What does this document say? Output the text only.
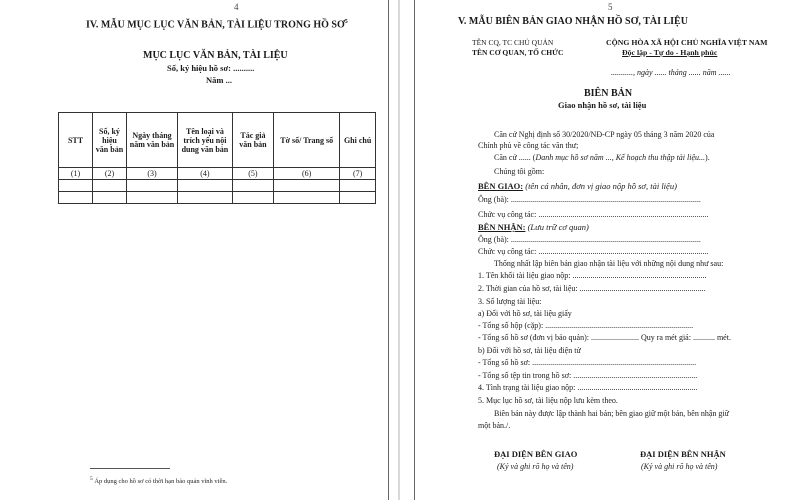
4
IV. MẪU MỤC LỤC VĂN BẢN, TÀI LIỆU TRONG HỒ $SƠ^5$
MỤC LỤC VĂN BẢN, TÀI LIỆU
Số, ký hiệu hồ sơ: ..........
Năm ...
STT	Số, ký hiệu văn bản	Ngày tháng năm văn bản	Tên loại và trích yếu nội dung văn bản	Tác giả văn bản	Tờ số/ Trang số	Ghi chú
(1)	(2)	(3)	(4)	(5)	(6)	(7)

$^5$ Áp dụng cho hồ sơ có thời hạn bảo quản vĩnh viễn.
5
V. MẪU BIÊN BẢN GIAO NHẬN HỒ SƠ, TÀI LIỆU
TÊN CQ, TC CHỦ QUẢN
TÊN CƠ QUAN, TỔ CHỨC
CỘNG HÒA XÃ HỘI CHỦ NGHĨA VIỆT NAM
Độc lập - Tự do - Hạnh phúc
..........., ngày ...... tháng ...... năm ......
BIÊN BẢN
Giao nhận hồ sơ, tài liệu
Căn cứ Nghị định số 30/2020/NĐ-CP ngày 05 tháng 3 năm 2020 của
Chính phủ về công tác văn thư;
Căn cứ ...... (Danh mục hồ sơ năm ..., Kế hoạch thu thập tài liệu...).
Chúng tôi gồm:
BÊN GIAO: (tên cá nhân, đơn vị giao nộp hồ sơ, tài liệu)
Ông (bà): ...............................................................................................
Chức vụ công tác: .....................................................................................
BÊN NHẬN: (Lưu trữ cơ quan)
Ông (bà): ...............................................................................................
Chức vụ công tác: .....................................................................................
Thống nhất lập biên bản giao nhận tài liệu với những nội dung như sau:
1. Tên khối tài liệu giao nộp: ...................................................................
2. Thời gian của hồ sơ, tài liệu: ...............................................................
3. Số lượng tài liệu:
a) Đối với hồ sơ, tài liệu giấy
- Tổng số hộp (cặp): ..........................................................................
- Tổng số hồ sơ (đơn vị bảo quản): ........................ Quy ra mét giá: ........... mét.
b) Đối với hồ sơ, tài liệu điện tử
- Tổng số hồ sơ: ..................................................................................
- Tổng số tệp tin trong hồ sơ: ..............................................................
4. Tình trạng tài liệu giao nộp: ............................................................
5. Mục lục hồ sơ, tài liệu nộp lưu kèm theo.
Biên bản này được lập thành hai bản; bên giao giữ một bản, bên nhận giữ
một bản./.
ĐẠI DIỆN BÊN GIAO
(Ký và ghi rõ họ và tên)
ĐẠI DIỆN BÊN NHẬN
(Ký và ghi rõ họ và tên)
